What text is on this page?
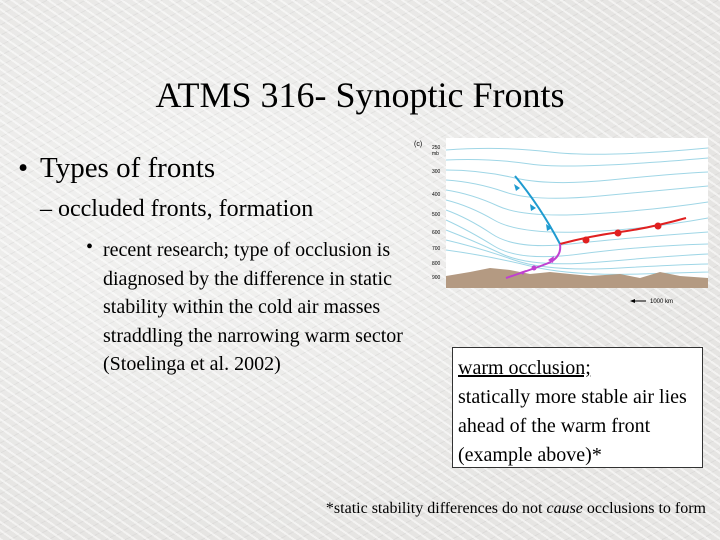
ATMS 316- Synoptic Fronts
• Types of fronts
– occluded fronts, formation
• recent research; type of occlusion is diagnosed by the difference in static stability within the cold air masses straddling the narrowing warm sector (Stoelinga et al. 2002)

(c) 250
mb
300
400
500
600
700
800
900
1000 km
warm occlusion;
statically more stable air lies ahead of the warm front (example above)*
*static stability differences do not cause occlusions to form
